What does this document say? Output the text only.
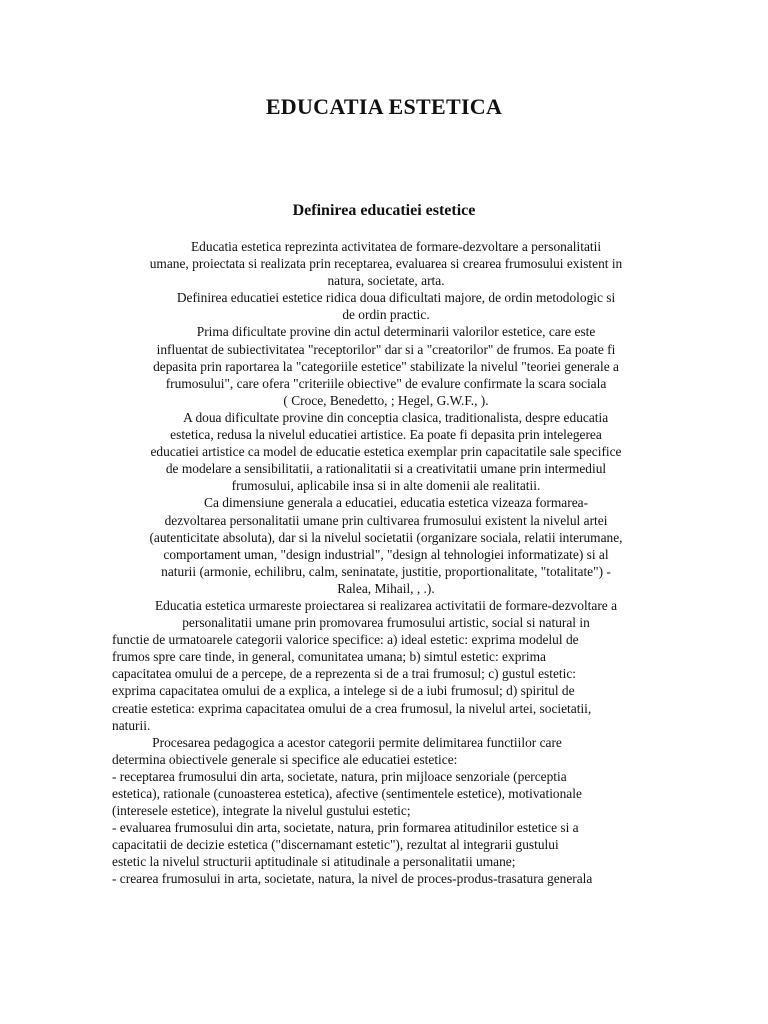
EDUCATIA ESTETICA
Definirea educatiei estetice
Educatia estetica reprezinta activitatea de formare-dezvoltare a personalitatii
umane, proiectata si realizata prin receptarea, evaluarea si crearea frumosului existent in
natura, societate, arta.
Definirea educatiei estetice ridica doua dificultati majore, de ordin metodologic si
de ordin practic.
Prima dificultate provine din actul determinarii valorilor estetice, care este
influentat de subiectivitatea "receptorilor" dar si a "creatorilor" de frumos. Ea poate fi
depasita prin raportarea la "categoriile estetice" stabilizate la nivelul "teoriei generale a
frumosului", care ofera "criteriile obiective" de evalure confirmate la scara sociala
( Croce, Benedetto, ; Hegel, G.W.F., ).
A doua dificultate provine din conceptia clasica, traditionalista, despre educatia
estetica, redusa la nivelul educatiei artistice. Ea poate fi depasita prin intelegerea
educatiei artistice ca model de educatie estetica exemplar prin capacitatile sale specifice
de modelare a sensibilitatii, a rationalitatii si a creativitatii umane prin intermediul
frumosului, aplicabile insa si in alte domenii ale realitatii.
Ca dimensiune generala a educatiei, educatia estetica vizeaza formarea-
dezvoltarea personalitatii umane prin cultivarea frumosului existent la nivelul artei
(autenticitate absoluta), dar si la nivelul societatii (organizare sociala, relatii interumane,
comportament uman, "design industrial", "design al tehnologiei informatizate) si al
naturii (armonie, echilibru, calm, seninatate, justitie, proportionalitate, "totalitate") -
Ralea, Mihail, , .).
Educatia estetica urmareste proiectarea si realizarea activitatii de formare-dezvoltare a
personalitatii umane prin promovarea frumosului artistic, social si natural in
functie de urmatoarele categorii valorice specifice: a) ideal estetic: exprima modelul de
frumos spre care tinde, in general, comunitatea umana; b) simtul estetic: exprima
capacitatea omului de a percepe, de a reprezenta si de a trai frumosul; c) gustul estetic:
exprima capacitatea omului de a explica, a intelege si de a iubi frumosul; d) spiritul de
creatie estetica: exprima capacitatea omului de a crea frumosul, la nivelul artei, societatii,
naturii.
Procesarea pedagogica a acestor categorii permite delimitarea functiilor care
determina obiectivele generale si specifice ale educatiei estetice:
- receptarea frumosului din arta, societate, natura, prin mijloace senzoriale (perceptia
estetica), rationale (cunoasterea estetica), afective (sentimentele estetice), motivationale
(interesele estetice), integrate la nivelul gustului estetic;
- evaluarea frumosului din arta, societate, natura, prin formarea atitudinilor estetice si a
capacitatii de decizie estetica ("discernamant estetic"), rezultat al integrarii gustului
estetic la nivelul structurii aptitudinale si atitudinale a personalitatii umane;
- crearea frumosului in arta, societate, natura, la nivel de proces-produs-trasatura generala
